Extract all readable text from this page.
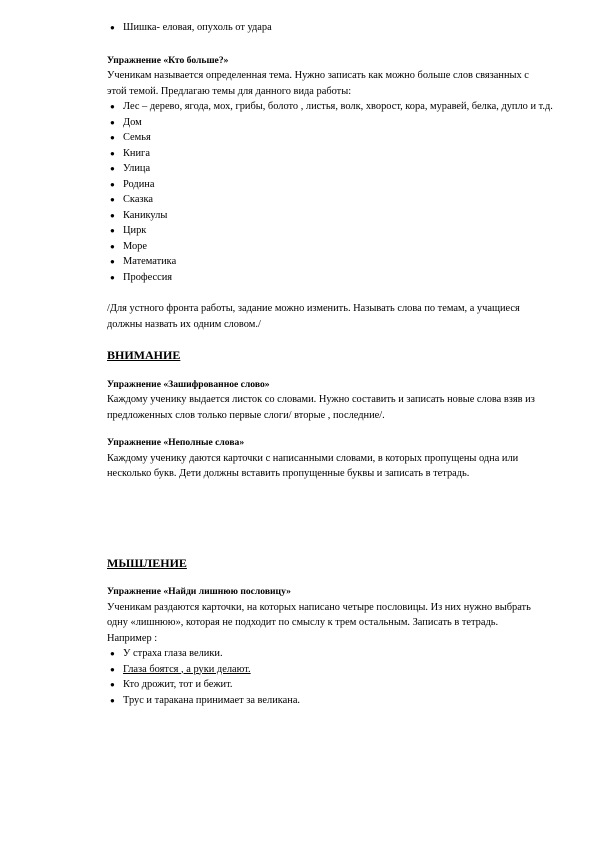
● Шишка- еловая, опухоль от удара

Упражнение «Кто больше?»

Ученикам называется определенная тема. Нужно записать как можно больше слов связанных с этой темой. Предлагаю темы для данного вида работы:

● Лес – дерево, ягода, мох, грибы, болото , листья, волк, хворост, кора, муравей, белка, дупло и т.д.
● Дом
● Семья
● Книга
● Улица
● Родина
● Сказка
● Каникулы
● Цирк
● Море
● Математика
● Профессия

/Для устного фронта работы, задание можно изменить. Называть слова по темам, а учащиеся должны назвать их одним словом./

ВНИМАНИЕ

Упражнение «Зашифрованное слово»

Каждому ученику выдается листок со словами. Нужно составить и записать новые слова взяв из предложенных слов только первые слоги/ вторые , последние/.

Упражнение «Неполные слова»

Каждому ученику даются карточки с написанными словами, в которых пропущены одна или несколько букв. Дети должны вставить пропущенные буквы и записать в тетрадь.

МЫШЛЕНИЕ

Упражнение «Найди лишнюю пословицу»

Ученикам раздаются карточки, на которых написано четыре пословицы. Из них нужно выбрать одну «лишнюю», которая не подходит по смыслу к трем остальным. Записать в тетрадь.

Например :

● У страха глаза велики.
● Глаза боятся , а руки делают.
● Кто дрожит, тот и бежит.
● Трус и таракана принимает за великана.
